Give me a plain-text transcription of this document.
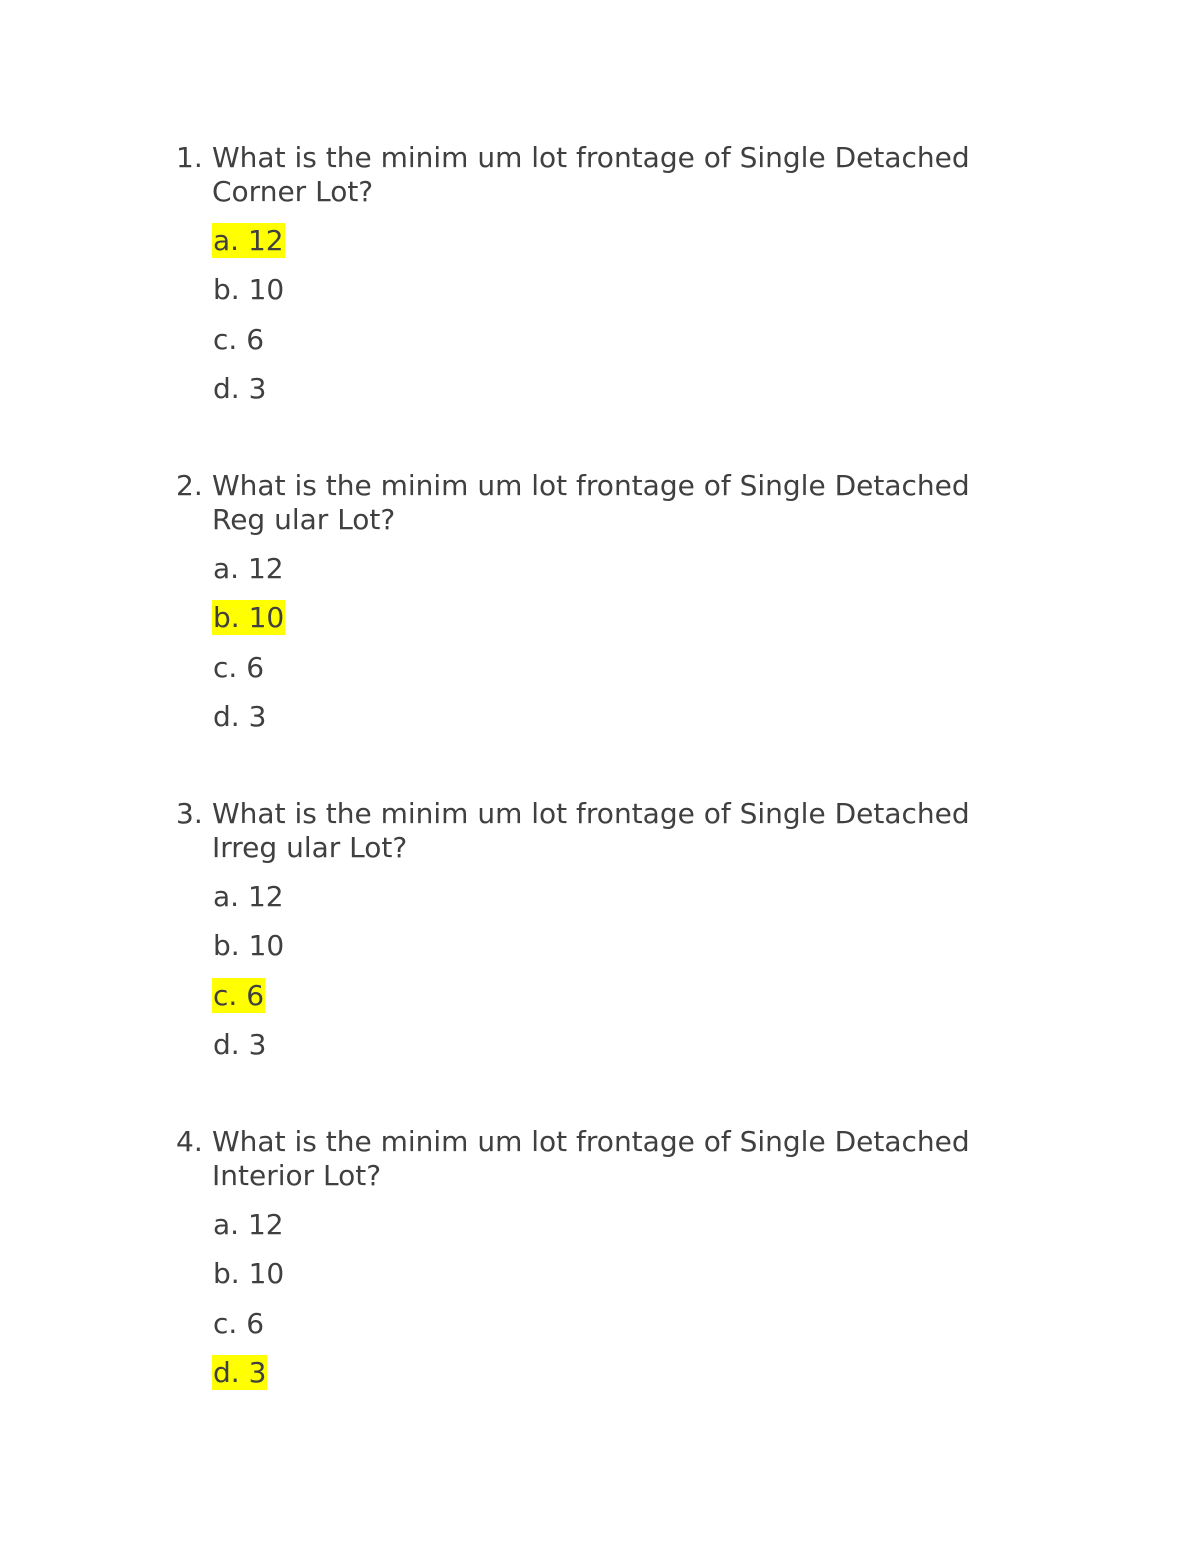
1. What is the minim um lot frontage of Single Detached Corner Lot?
a. 12
b. 10
c. 6
d. 3
2. What is the minim um lot frontage of Single Detached Reg ular Lot?
a. 12
b. 10
c. 6
d. 3
3. What is the minim um lot frontage of Single Detached Irreg ular Lot?
a. 12
b. 10
c. 6
d. 3
4. What is the minim um lot frontage of Single Detached Interior Lot?
a. 12
b. 10
c. 6
d. 3
